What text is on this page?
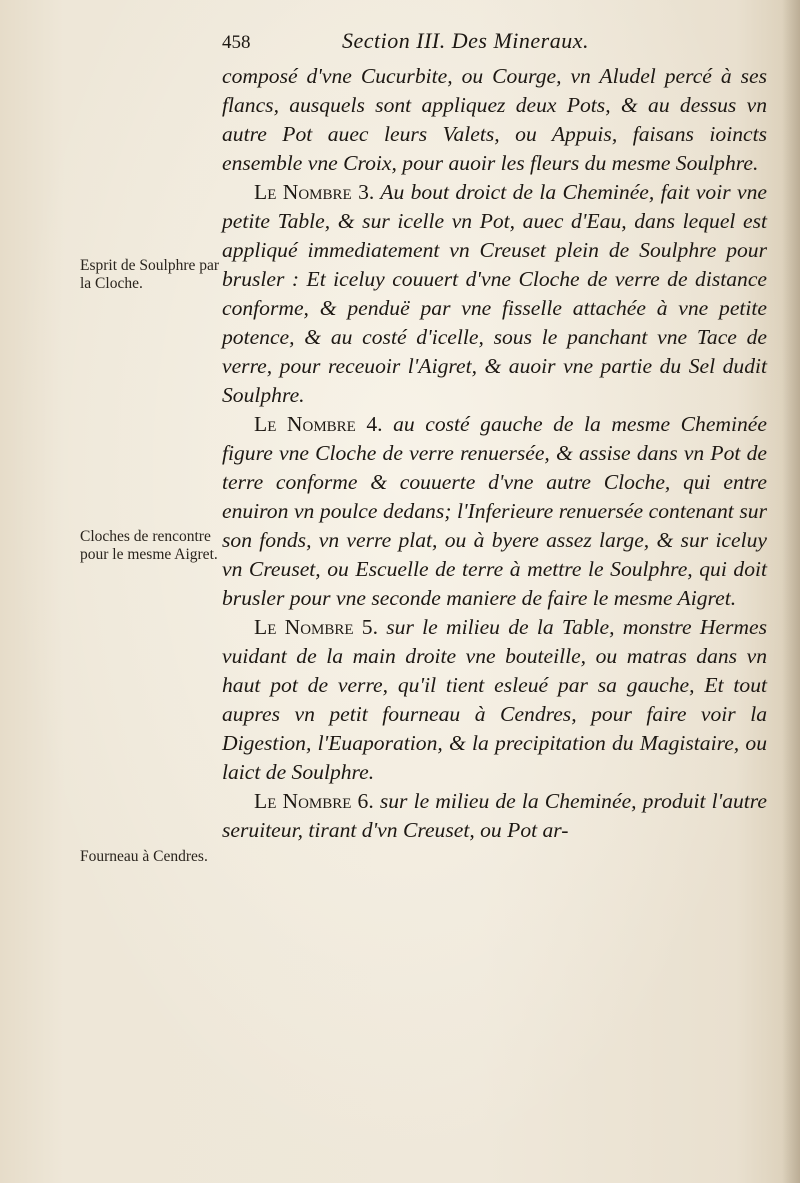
458	Section III. Des Mineraux.

composé d'vne Cucurbite, ou Courge, vn Aludel percé à ses flancs, ausquels sont appliquez deux Pots, & au dessus vn autre Pot auec leurs Valets, ou Appuis, faisans ioincts ensemble vne Croix, pour auoir les fleurs du mesme Soulphre.

Le Nombre 3. Au bout droict de la Cheminée, fait voir vne petite Table, & sur icelle vn Pot, auec d'Eau, dans lequel est appliqué immediatement vn Creuset plein de Soulphre pour brusler : Et iceluy couuert d'vne Cloche de verre de distance conforme, & penduë par vne fisselle attachée à vne petite potence, & au costé d'icelle, sous le panchant vne Tace de verre, pour receuoir l'Aigret, & auoir vne partie du Sel dudit Soulphre.

Le Nombre 4. au costé gauche de la mesme Cheminée figure vne Cloche de verre renuersée, & assise dans vn Pot de terre conforme & couuerte d'vne autre Cloche, qui entre enuiron vn poulce dedans; l'Inferieure renuersée contenant sur son fonds, vn verre plat, ou à byere assez large, & sur iceluy vn Creuset, ou Escuelle de terre à mettre le Soulphre, qui doit brusler pour vne seconde maniere de faire le mesme Aigret.

Le Nombre 5. sur le milieu de la Table, monstre Hermes vuidant de la main droite vne bouteille, ou matras dans vn haut pot de verre, qu'il tient esleué par sa gauche, Et tout aupres vn petit fourneau à Cendres, pour faire voir la Digestion, l'Euaporation, & la precipitation du Magistaire, ou laict de Soulphre.

Le Nombre 6. sur le milieu de la Cheminée, produit l'autre seruiteur, tirant d'vn Creuset, ou Pot ar-

Esprit de Soulphre par la Cloche.
Cloches de rencontre pour le mesme Aigret.
Fourneau à Cendres.
